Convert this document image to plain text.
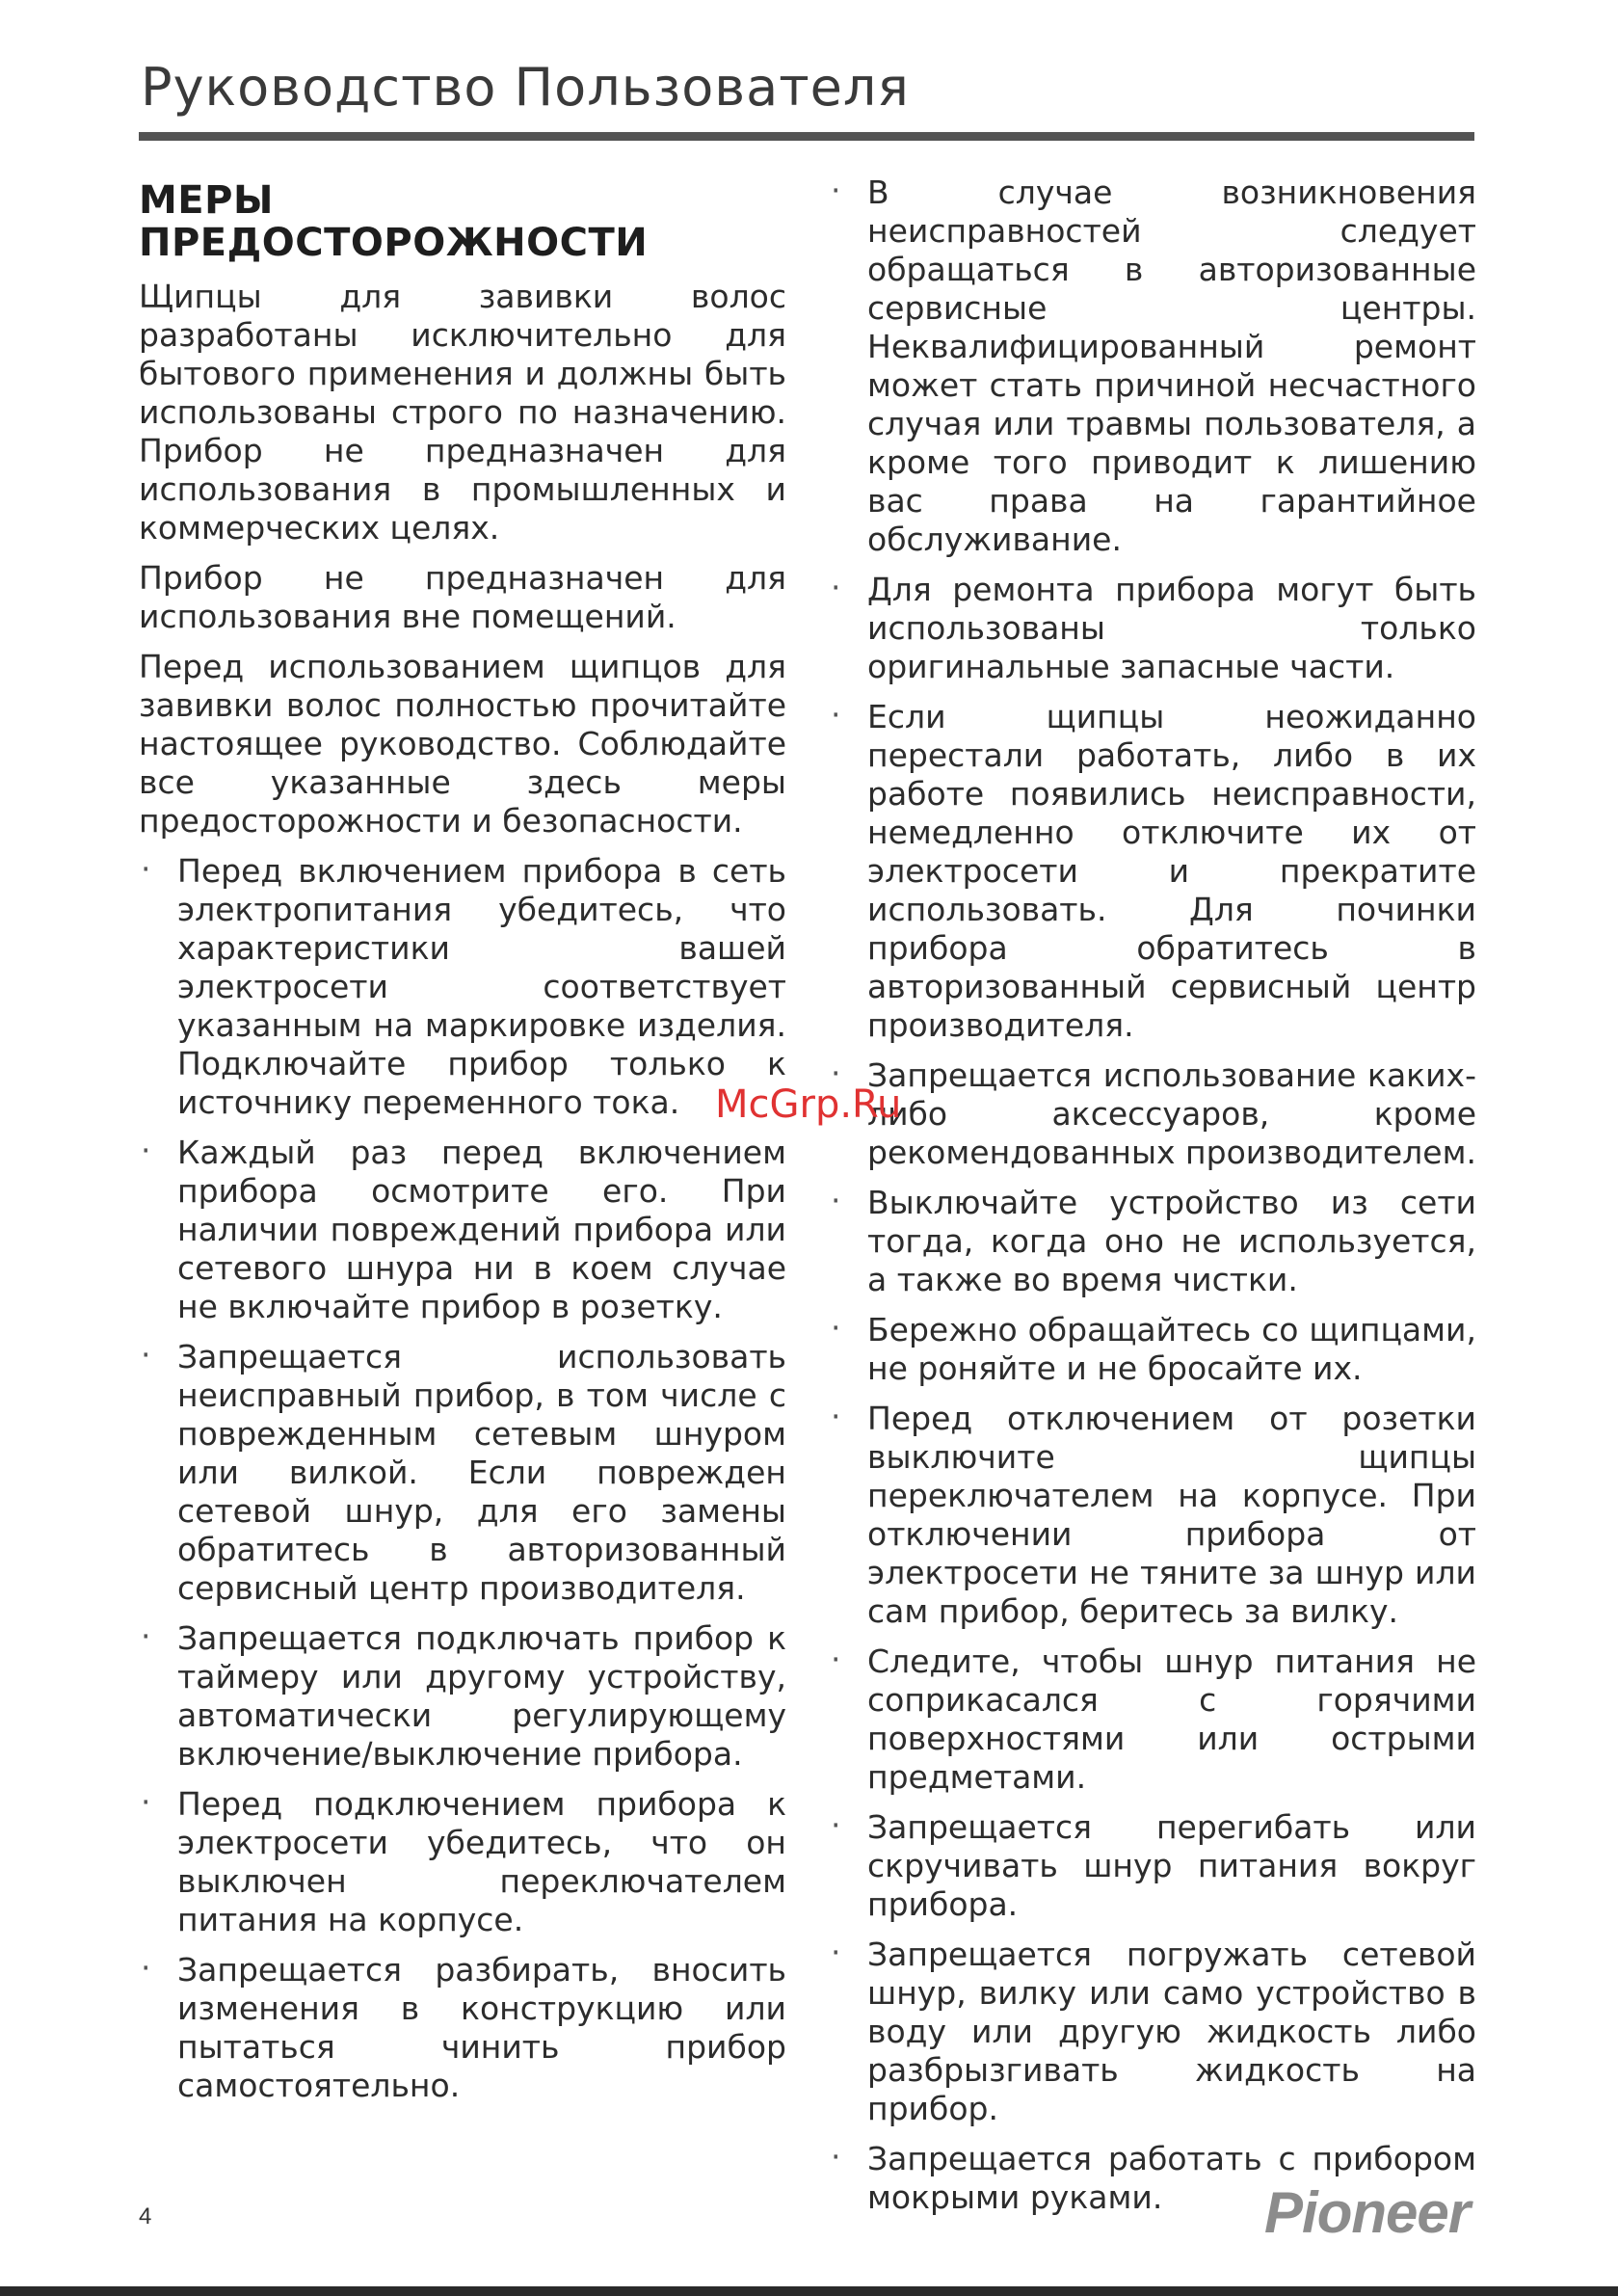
Руководство Пользователя
МЕРЫ ПРЕДОСТОРОЖНОСТИ

Щипцы для завивки волос разработаны исключительно для бытового применения и должны быть использованы строго по назначению. Прибор не предназначен для использования в промышленных и коммерческих целях.

Прибор не предназначен для использования вне помещений.

Перед использованием щипцов для завивки волос полностью прочитайте настоящее руководство. Соблюдайте все указанные здесь меры предосторожности и безопасности.

· Перед включением прибора в сеть электропитания убедитесь, что характеристики вашей электросети соответствует указанным на маркировке изделия. Подключайте прибор только к источнику переменного тока.
· Каждый раз перед включением прибора осмотрите его. При наличии повреждений прибора или сетевого шнура ни в коем случае не включайте прибор в розетку.
· Запрещается использовать неисправный прибор, в том числе с поврежденным сетевым шнуром или вилкой. Если поврежден сетевой шнур, для его замены обратитесь в авторизованный сервисный центр производителя.
· Запрещается подключать прибор к таймеру или другому устройству, автоматически регулирующему включение/выключение прибора.
· Перед подключением прибора к электросети убедитесь, что он выключен переключателем питания на корпусе.
· Запрещается разбирать, вносить изменения в конструкцию или пытаться чинить прибор самостоятельно.
· В случае возникновения неисправностей следует обращаться в авторизованные сервисные центры. Неквалифицированный ремонт может стать причиной несчастного случая или травмы пользователя, а кроме того приводит к лишению вас права на гарантийное обслуживание.
· Для ремонта прибора могут быть использованы только оригинальные запасные части.
· Если щипцы неожиданно перестали работать, либо в их работе появились неисправности, немедленно отключите их от электросети и прекратите использовать. Для починки прибора обратитесь в авторизованный сервисный центр производителя.
· Запрещается использование каких-либо аксессуаров, кроме рекомендованных производителем.
· Выключайте устройство из сети тогда, когда оно не используется, а также во время чистки.
· Бережно обращайтесь со щипцами, не роняйте и не бросайте их.
· Перед отключением от розетки выключите щипцы переключателем на корпусе. При отключении прибора от электросети не тяните за шнур или сам прибор, беритесь за вилку.
· Следите, чтобы шнур питания не соприкасался с горячими поверхностями или острыми предметами.
· Запрещается перегибать или скручивать шнур питания вокруг прибора.
· Запрещается погружать сетевой шнур, вилку или само устройство в воду или другую жидкость либо разбрызгивать жидкость на прибор.
· Запрещается работать с прибором мокрыми руками.
McGrp.Ru
4	Pioneer
